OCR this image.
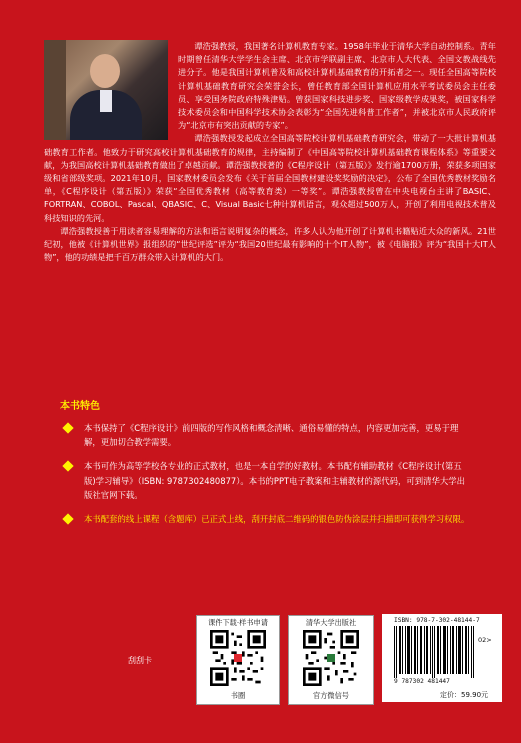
谭浩强教授，我国著名计算机教育专家。1958年毕业于清华大学自动控制系。青年时期曾任清华大学学生会主席、北京市学联副主席、北京市人大代表、全国文教战线先进分子。他是我国计算机普及和高校计算机基础教育的开拓者之一。现任全国高等院校计算机基础教育研究会荣誉会长，曾任教育部全国计算机应用水平考试委员会主任委员、享受国务院政府特殊津贴。曾获国家科技进步奖、国家级教学成果奖，被国家科学技术委员会和中国科学技术协会表彰为“全国先进科普工作者”，并被北京市人民政府评为“北京市有突出贡献的专家”。

谭浩强教授发起成立全国高等院校计算机基础教育研究会，带动了一大批计算机基础教育工作者。他致力于研究高校计算机基础教育的规律，主持编制了《中国高等院校计算机基础教育课程体系》等重要文献，为我国高校计算机基础教育做出了卓越贡献。谭浩强教授著的《C程序设计（第五版）》发行逾1700万册，荣获多项国家级和省部级奖项。2021年10月，国家教材委员会发布《关于首届全国教材建设奖奖励的决定》，公布了全国优秀教材奖励名单，《C程序设计（第五版）》荣获“全国优秀教材（高等教育类）一等奖”。谭浩强教授曾在中央电视台主讲了BASIC、FORTRAN、COBOL、Pascal、QBASIC、C、Visual Basic七种计算机语言，观众超过500万人，开创了利用电视技术普及科技知识的先河。

谭浩强教授善于用读者容易理解的方法和语言说明复杂的概念，许多人认为他开创了计算机书籍贴近大众的新风。21世纪初，他被《计算机世界》报组织的“世纪评选”评为“我国20世纪最有影响的十个IT人物”，被《电脑报》评为“我国十大IT人物”，他的功绩是把千百万群众带入计算机的大门。

本书特色
本书保持了《C程序设计》前四版的写作风格和概念清晰、通俗易懂的特点，内容更加完善，更易于理解，更加切合教学需要。
本书可作为高等学校各专业的正式教材，也是一本自学的好教材。本书配有辅助教材《C程序设计(第五版)学习辅导》（ISBN: 9787302480877）。本书的PPT电子教案和主辅教材的源代码，可到清华大学出版社官网下载。
本书配套的线上课程（含题库）已正式上线，刮开封底二维码的银色防伪涂层并扫描即可获得学习权限。
刮刮卡
课件下载·样书申请
书圈
清华大学出版社
官方微信号
ISBN: 978-7-302-48144-7
02>
9 787302 481447
定价：59.90元
